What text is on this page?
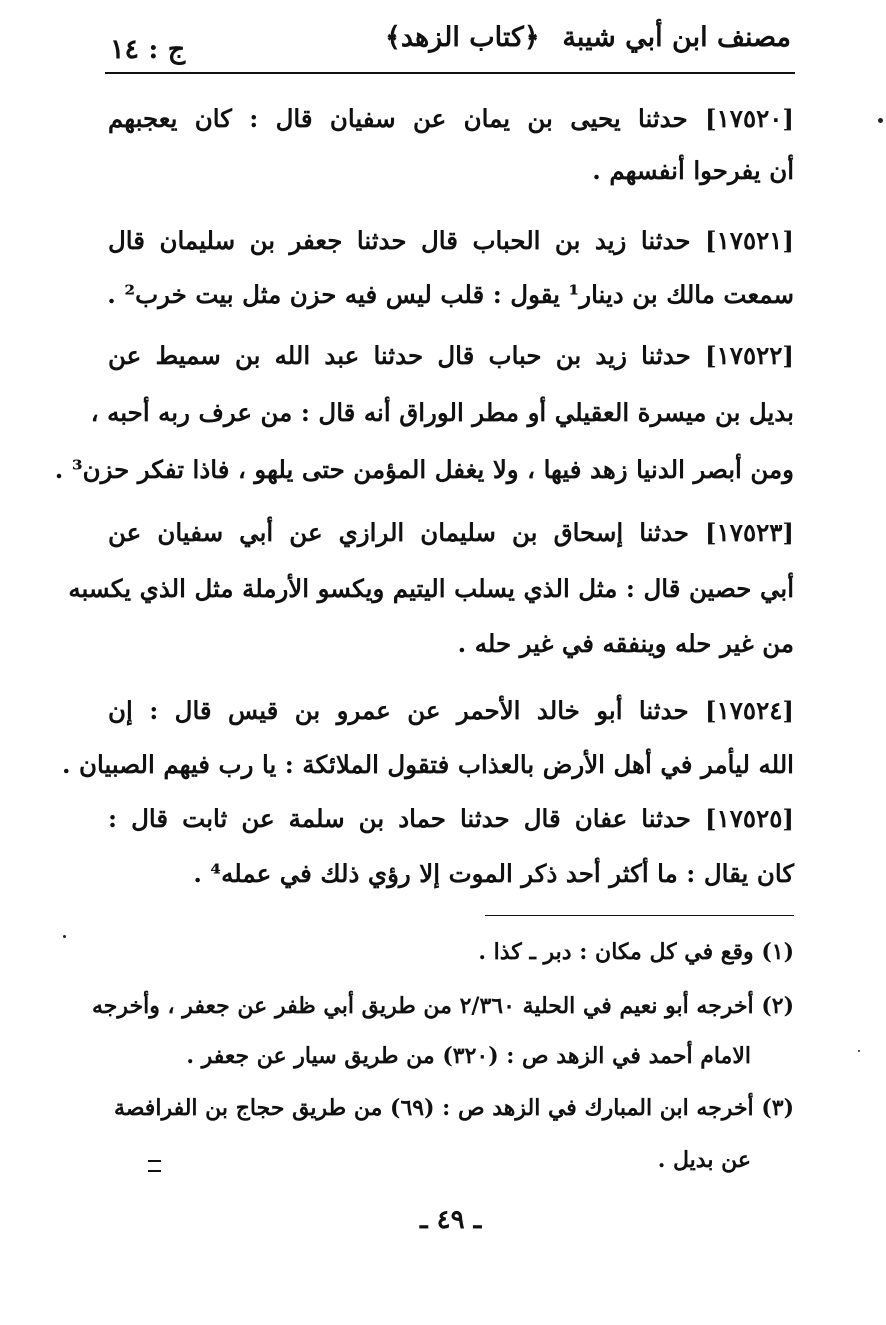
مصنف ابن أبي شيبة
﴿كتاب الزهد﴾
ج : ١٤
[١٧٥٢٠] حدثنا يحيى بن يمان عن سفيان قال : كان يعجبهم
أن يفرحوا أنفسهم .
[١٧٥٢١] حدثنا زيد بن الحباب قال حدثنا جعفر بن سليمان قال
سمعت مالك بن دينار¹ يقول : قلب ليس فيه حزن مثل بيت خرب² .
[١٧٥٢٢] حدثنا زيد بن حباب قال حدثنا عبد الله بن سميط عن
بديل بن ميسرة العقيلي أو مطر الوراق أنه قال : من عرف ربه أحبه ،
ومن أبصر الدنيا زهد فيها ، ولا يغفل المؤمن حتى يلهو ، فاذا تفكر حزن³ .
[١٧٥٢٣] حدثنا إسحاق بن سليمان الرازي عن أبي سفيان عن
أبي حصين قال : مثل الذي يسلب اليتيم ويكسو الأرملة مثل الذي يكسبه
من غير حله وينفقه في غير حله .
[١٧٥٢٤] حدثنا أبو خالد الأحمر عن عمرو بن قيس قال : إن
الله ليأمر في أهل الأرض بالعذاب فتقول الملائكة : يا رب فيهم الصبيان .
[١٧٥٢٥] حدثنا عفان قال حدثنا حماد بن سلمة عن ثابت قال :
كان يقال : ما أكثر أحد ذكر الموت إلا رؤي ذلك في عمله⁴ .
(١) وقع في كل مكان : دبر ـ كذا .
(٢) أخرجه أبو نعيم في الحلية ٢/٣٦٠ من طريق أبي ظفر عن جعفر ، وأخرجه
الامام أحمد في الزهد ص : (٣٢٠) من طريق سيار عن جعفر .
(٣) أخرجه ابن المبارك في الزهد ص : (٦٩) من طريق حجاج بن الفرافصة
عن بديل .
ـ ٤٩ ـ
